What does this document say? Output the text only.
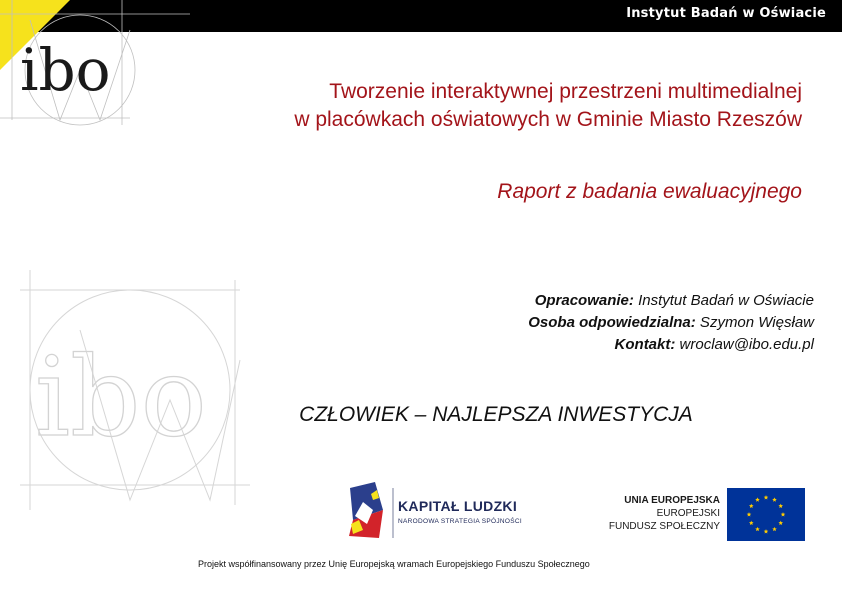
Instytut Badań w Oświacie
ibo
ibo
Tworzenie interaktywnej przestrzeni multimedialnej
w placówkach oświatowych w Gminie Miasto Rzeszów
Raport z badania ewaluacyjnego
Opracowanie: Instytut Badań w Oświacie
Osoba odpowiedzialna: Szymon Więsław
Kontakt: wroclaw@ibo.edu.pl
CZŁOWIEK – NAJLEPSZA INWESTYCJA
KAPITAŁ LUDZKI
NARODOWA STRATEGIA SPÓJNOŚCI
UNIA EUROPEJSKA
EUROPEJSKI
FUNDUSZ SPOŁECZNY
Projekt współfinansowany przez Unię Europejską wramach Europejskiego Funduszu Społecznego
